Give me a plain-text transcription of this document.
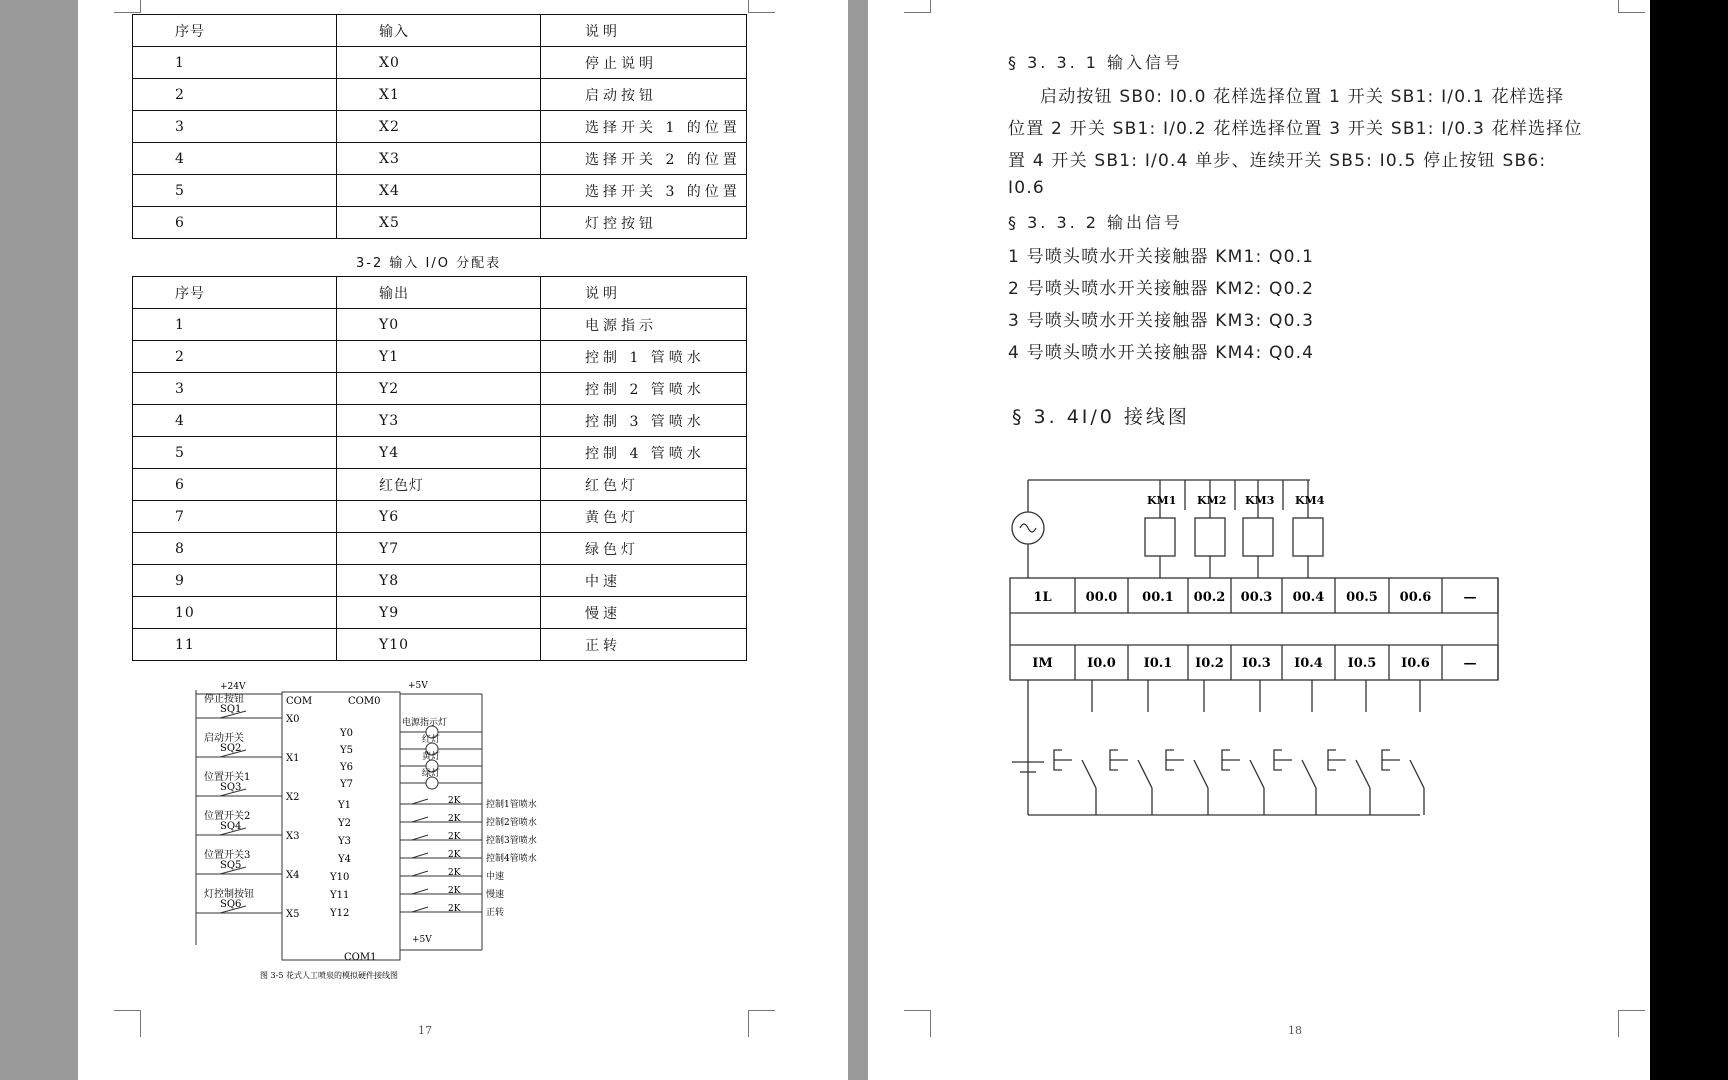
17
序号	输入	说明
1	X0	停止说明
2	X1	启动按钮
3	X2	选择开关 1 的位置
4	X3	选择开关 2 的位置
5	X4	选择开关 3 的位置
6	X5	灯控按钮
3-2 输入 I/O 分配表
序号	输出	说明
1	Y0	电源指示
2	Y1	控制 1 管喷水
3	Y2	控制 2 管喷水
4	Y3	控制 3 管喷水
5	Y4	控制 4 管喷水
6	红色灯	红色灯
7	Y6	黄色灯
8	Y7	绿色灯
9	Y8	中速
10	Y9	慢速
11	Y10	正转
COM	COM0
COM1
+24V
停止按钮
SQ1
X0
启动开关
SQ2
X1
位置开关1
SQ3
X2
位置开关2
SQ4
X3
位置开关3
SQ5
X4
灯控制按钮
SQ6
X5
+5V
Y0
电源指示灯
Y5
红灯
Y6
黄灯
Y7
绿灯
Y1	2K	控制1管喷水
Y2	2K	控制2管喷水
Y3	2K	控制3管喷水
Y4	2K	控制4管喷水
Y10	2K	中速
Y11	2K	慢速
Y12	2K	正转
+5V
图 3-5 花式人工喷泉的模拟硬件接线图
18
§ 3. 3. 1 输入信号
启动按钮 SB0: I0.0 花样选择位置 1 开关 SB1: I/0.1 花样选择
位置 2 开关 SB1: I/0.2 花样选择位置 3 开关 SB1: I/0.3 花样选择位
置 4 开关 SB1: I/0.4 单步、连续开关 SB5: I0.5 停止按钮 SB6:
I0.6
§ 3. 3. 2 输出信号
1 号喷头喷水开关接触器 KM1: Q0.1
2 号喷头喷水开关接触器 KM2: Q0.2
3 号喷头喷水开关接触器 KM3: Q0.3
4 号喷头喷水开关接触器 KM4: Q0.4
§ 3. 4I/0 接线图
1L	00.0 00.1 00.2 00.3 00.4 00.5 00.6 —
IM	I0.0 I0.1 I0.2 I0.3 I0.4 I0.5 I0.6	—
KM1 KM2 KM3 KM4
